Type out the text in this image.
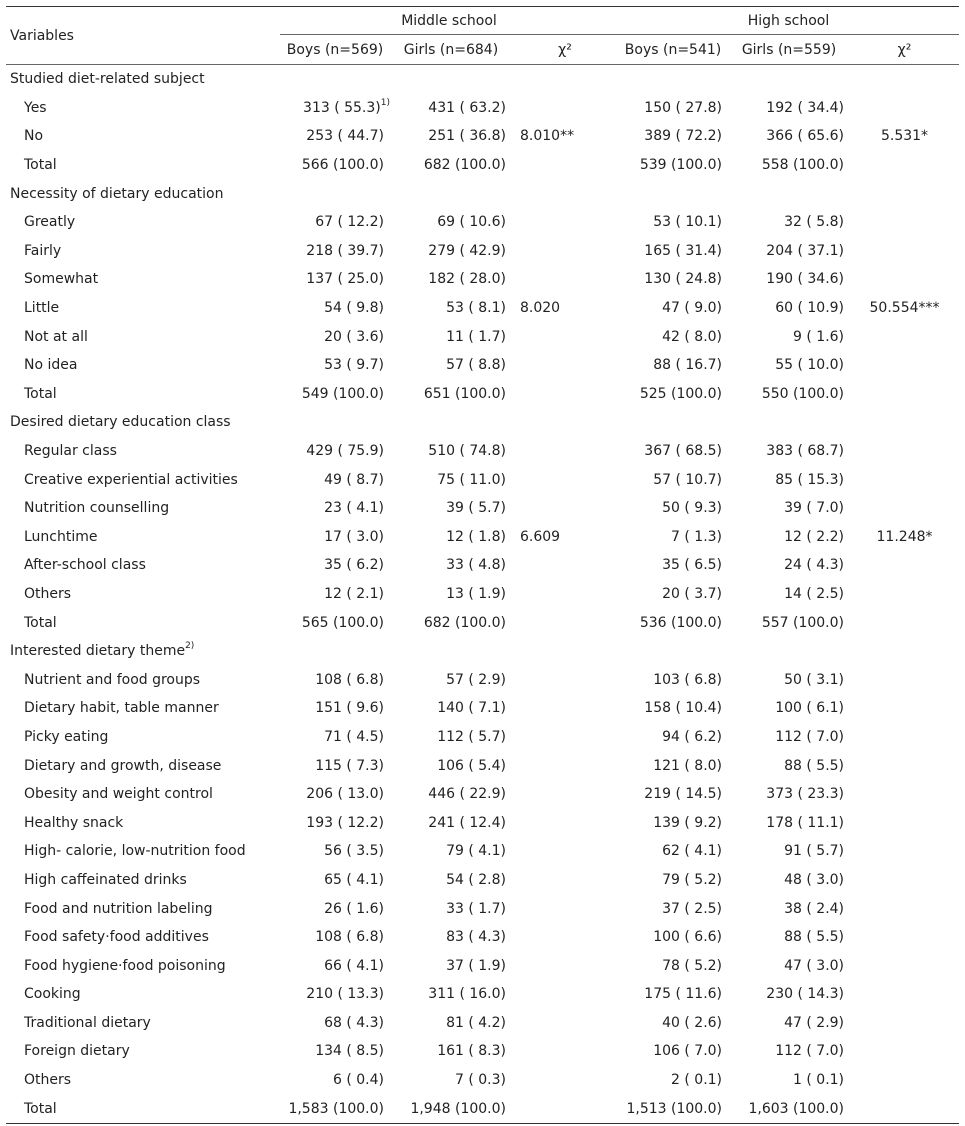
Variables	Middle school			High school		
	Boys (n=569)	Girls (n=684)	χ²	Boys (n=541)	Girls (n=559)	χ²
Studied diet-related subject						
Yes	313 ( 55.3)$^{1)}$	431 ( 63.2)		150 ( 27.8)	192 ( 34.4)	
No	253 ( 44.7)	251 ( 36.8)	8.010**	389 ( 72.2)	366 ( 65.6)	5.531*
Total	566 (100.0)	682 (100.0)		539 (100.0)	558 (100.0)	
Necessity of dietary education						
Greatly	67 ( 12.2)	69 ( 10.6)		53 ( 10.1)	32 ( 5.8)	
Fairly	218 ( 39.7)	279 ( 42.9)		165 ( 31.4)	204 ( 37.1)	
Somewhat	137 ( 25.0)	182 ( 28.0)		130 ( 24.8)	190 ( 34.6)	
Little	54 ( 9.8)	53 ( 8.1)	8.020	47 ( 9.0)	60 ( 10.9)	50.554***
Not at all	20 ( 3.6)	11 ( 1.7)		42 ( 8.0)	9 ( 1.6)	
No idea	53 ( 9.7)	57 ( 8.8)		88 ( 16.7)	55 ( 10.0)	
Total	549 (100.0)	651 (100.0)		525 (100.0)	550 (100.0)	
Desired dietary education class						
Regular class	429 ( 75.9)	510 ( 74.8)		367 ( 68.5)	383 ( 68.7)	
Creative experiential activities	49 ( 8.7)	75 ( 11.0)		57 ( 10.7)	85 ( 15.3)	
Nutrition counselling	23 ( 4.1)	39 ( 5.7)		50 ( 9.3)	39 ( 7.0)	
Lunchtime	17 ( 3.0)	12 ( 1.8)	6.609	7 ( 1.3)	12 ( 2.2)	11.248*
After-school class	35 ( 6.2)	33 ( 4.8)		35 ( 6.5)	24 ( 4.3)	
Others	12 ( 2.1)	13 ( 1.9)		20 ( 3.7)	14 ( 2.5)	
Total	565 (100.0)	682 (100.0)		536 (100.0)	557 (100.0)	
Interested dietary theme$^{2)}$						
Nutrient and food groups	108 ( 6.8)	57 ( 2.9)		103 ( 6.8)	50 ( 3.1)	
Dietary habit, table manner	151 ( 9.6)	140 ( 7.1)		158 ( 10.4)	100 ( 6.1)	
Picky eating	71 ( 4.5)	112 ( 5.7)		94 ( 6.2)	112 ( 7.0)	
Dietary and growth, disease	115 ( 7.3)	106 ( 5.4)		121 ( 8.0)	88 ( 5.5)	
Obesity and weight control	206 ( 13.0)	446 ( 22.9)		219 ( 14.5)	373 ( 23.3)	
Healthy snack	193 ( 12.2)	241 ( 12.4)		139 ( 9.2)	178 ( 11.1)	
High- calorie, low-nutrition food	56 ( 3.5)	79 ( 4.1)		62 ( 4.1)	91 ( 5.7)	
High caffeinated drinks	65 ( 4.1)	54 ( 2.8)		79 ( 5.2)	48 ( 3.0)	
Food and nutrition labeling	26 ( 1.6)	33 ( 1.7)		37 ( 2.5)	38 ( 2.4)	
Food safety·food additives	108 ( 6.8)	83 ( 4.3)		100 ( 6.6)	88 ( 5.5)	
Food hygiene·food poisoning	66 ( 4.1)	37 ( 1.9)		78 ( 5.2)	47 ( 3.0)	
Cooking	210 ( 13.3)	311 ( 16.0)		175 ( 11.6)	230 ( 14.3)	
Traditional dietary	68 ( 4.3)	81 ( 4.2)		40 ( 2.6)	47 ( 2.9)	
Foreign dietary	134 ( 8.5)	161 ( 8.3)		106 ( 7.0)	112 ( 7.0)	
Others	6 ( 0.4)	7 ( 0.3)		2 ( 0.1)	1 ( 0.1)	
Total	1,583 (100.0)	1,948 (100.0)		1,513 (100.0)	1,603 (100.0)	
